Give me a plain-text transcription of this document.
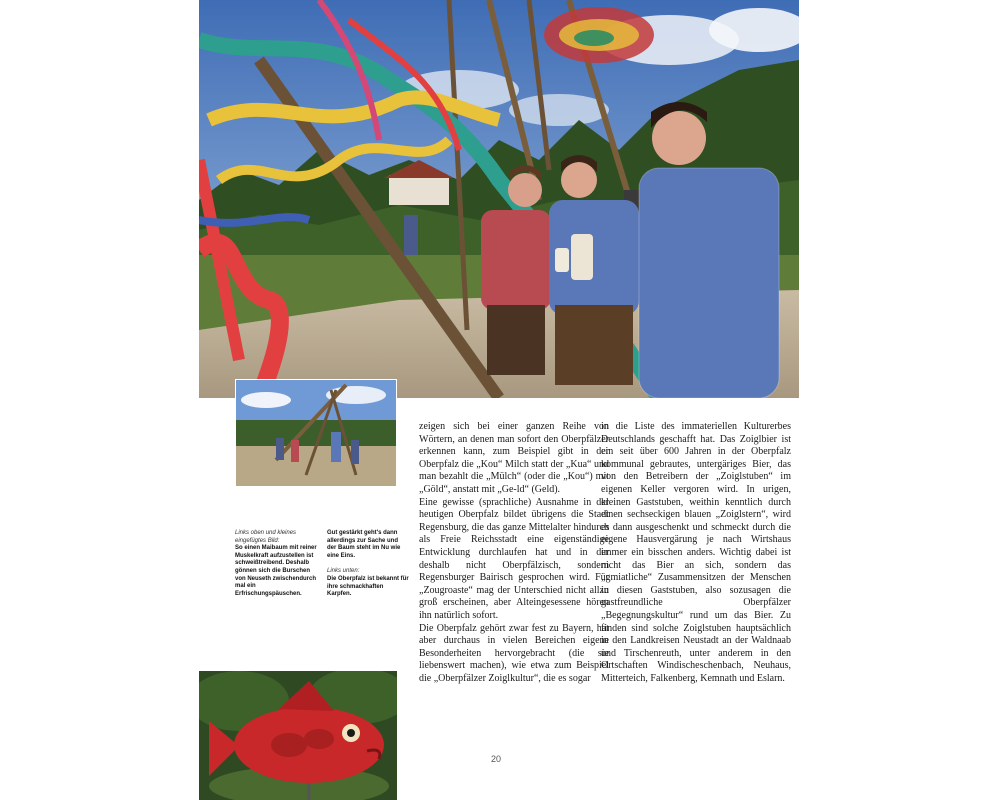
Links oben und kleines eingefügtes Bild:
So einen Maibaum mit reiner Muskelkraft aufzustellen ist schweißtreibend. Deshalb gönnen sich die Burschen von Neuseth zwischendurch mal ein Erfrischungspäuschen.
Gut gestärkt geht's dann allerdings zur Sache und der Baum steht im Nu wie eine Eins.
Links unten:
Die Oberpfalz ist bekannt für ihre schmackhaften Karpfen.

zeigen sich bei einer ganzen Reihe von Wörtern, an denen man sofort den Oberpfälzer erkennen kann, zum Beispiel gibt in der Oberpfalz die „Kou“ Milch statt der „Kua“ und man bezahlt die „Mülch“ (oder die „Kou“) mit „Göld“, anstatt mit „Ge-ld“ (Geld).

Eine gewisse (sprachliche) Ausnahme in der heutigen Oberpfalz bildet übrigens die Stadt Regensburg, die das ganze Mittelalter hindurch als Freie Reichsstadt eine eigenständige Entwicklung durchlaufen hat und in der deshalb nicht Oberpfälzisch, sondern Regensburger Bairisch gesprochen wird. Für „Zougroaste“ mag der Unterschied nicht allzu groß erscheinen, aber Alteingesessene hören ihn natürlich sofort.

Die Oberpfalz gehört zwar fest zu Bayern, hat aber durchaus in vielen Bereichen eigene Besonderheiten hervorgebracht (die sie liebenswert machen), wie etwa zum Beispiel die „Oberpfälzer Zoiglkultur“, die es sogar

in die Liste des immateriellen Kulturerbes Deutschlands geschafft hat. Das Zoiglbier ist ein seit über 600 Jahren in der Oberpfalz kommunal gebrautes, untergäriges Bier, das von den Betreibern der „Zoiglstuben“ im eigenen Keller vergoren wird. In urigen, kleinen Gaststuben, weithin kenntlich durch einen sechseckigen blauen „Zoiglstern“, wird es dann ausgeschenkt und schmeckt durch die eigene Hausvergärung je nach Wirtshaus immer ein bisschen anders. Wichtig dabei ist nicht das Bier an sich, sondern das „gmiatliche“ Zusammensitzen der Menschen in diesen Gaststuben, also sozusagen die gastfreundliche Oberpfälzer „Begegnungskultur“ rund um das Bier. Zu finden sind solche Zoiglstuben hauptsächlich in den Landkreisen Neustadt an der Waldnaab und Tirschenreuth, unter anderem in den Ortschaften Windischeschenbach, Neuhaus, Mitterteich, Falkenberg, Kemnath und Eslarn.

20
